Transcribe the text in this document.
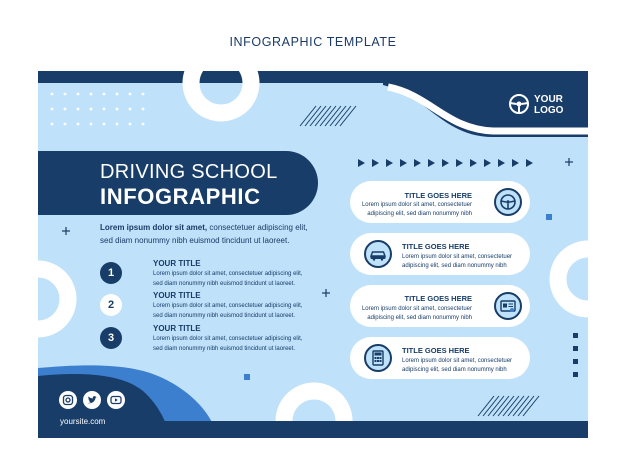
INFOGRAPHIC TEMPLATE
YOUR
LOGO
DRIVING SCHOOL
INFOGRAPHIC
Lorem ipsum dolor sit amet, consectetuer adipiscing elit, sed diam nonummy nibh euismod tincidunt ut laoreet.
1
YOUR TITLE
Lorem ipsum dolor sit amet, consectetuer adipiscing elit, sed diam nonummy nibh euismod tincidunt ut laoreet.
2
YOUR TITLE
Lorem ipsum dolor sit amet, consectetuer adipiscing elit, sed diam nonummy nibh euismod tincidunt ut laoreet.
3
YOUR TITLE
Lorem ipsum dolor sit amet, consectetuer adipiscing elit, sed diam nonummy nibh euismod tincidunt ut laoreet.
TITLE GOES HERE
Lorem ipsum dolor sit amet, consectetuer
adipiscing elit, sed diam nonummy nibh
TITLE GOES HERE
Lorem ipsum dolor sit amet, consectetuer
adipiscing elit, sed diam nonummy nibh
TITLE GOES HERE
Lorem ipsum dolor sit amet, consectetuer
adipiscing elit, sed diam nonummy nibh
TITLE GOES HERE
Lorem ipsum dolor sit amet, consectetuer
adipiscing elit, sed diam nonummy nibh
yoursite.com
